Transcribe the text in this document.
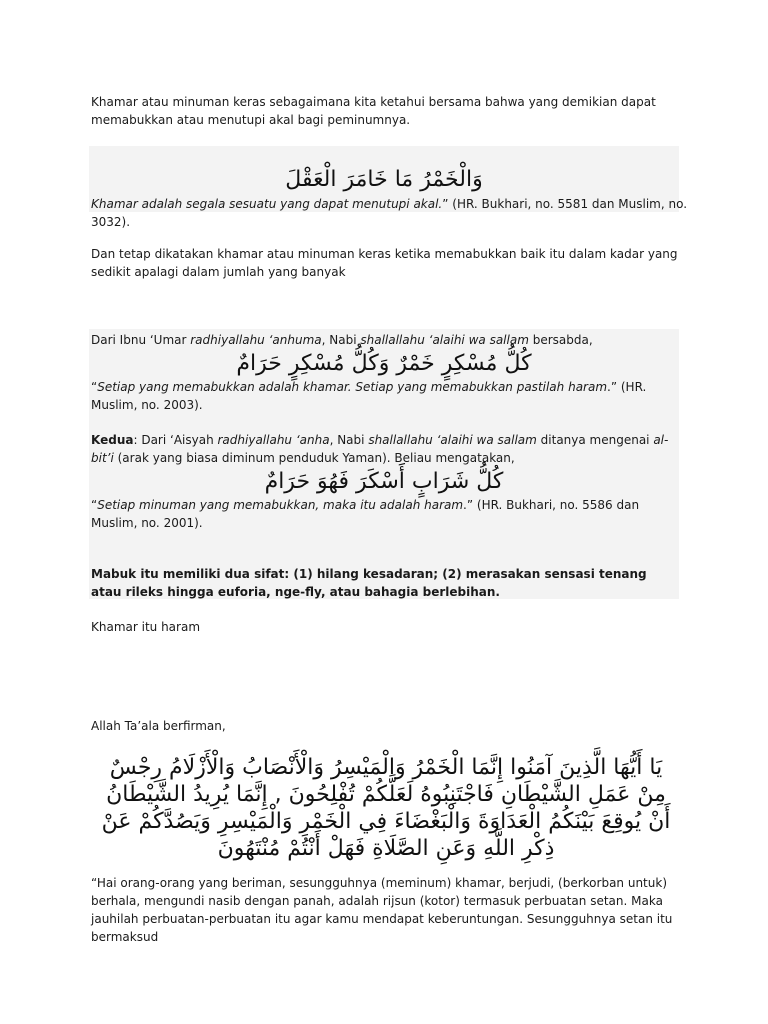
Khamar atau minuman keras sebagaimana kita ketahui bersama bahwa yang demikian dapat memabukkan atau menutupi akal bagi peminumnya.

وَالْخَمْرُ مَا خَامَرَ الْعَقْلَ

Khamar adalah segala sesuatu yang dapat menutupi akal.” (HR. Bukhari, no. 5581 dan Muslim, no. 3032).

Dan tetap dikatakan khamar atau minuman keras ketika memabukkan baik itu dalam kadar yang sedikit apalagi dalam jumlah yang banyak

Dari Ibnu ‘Umar radhiyallahu ‘anhuma, Nabi shallallahu ‘alaihi wa sallam bersabda,

كُلُّ مُسْكِرٍ خَمْرٌ وَكُلُّ مُسْكِرٍ حَرَامٌ

“Setiap yang memabukkan adalah khamar. Setiap yang memabukkan pastilah haram.” (HR. Muslim, no. 2003).

Kedua: Dari ‘Aisyah radhiyallahu ‘anha, Nabi shallallahu ‘alaihi wa sallam ditanya mengenai al-bit’i (arak yang biasa diminum penduduk Yaman). Beliau mengatakan,

كُلُّ شَرَابٍ أَسْكَرَ فَهُوَ حَرَامٌ

“Setiap minuman yang memabukkan, maka itu adalah haram.” (HR. Bukhari, no. 5586 dan Muslim, no. 2001).

Mabuk itu memiliki dua sifat: (1) hilang kesadaran; (2) merasakan sensasi tenang atau rileks hingga euforia, nge-fly, atau bahagia berlebihan.

Khamar itu haram

Allah Ta’ala berfirman,

يَا أَيُّهَا الَّذِينَ آمَنُوا إِنَّمَا الْخَمْرُ وَالْمَيْسِرُ وَالْأَنْصَابُ وَالْأَزْلَامُ رِجْسٌ مِنْ عَمَلِ الشَّيْطَانِ فَاجْتَنِبُوهُ لَعَلَّكُمْ تُفْلِحُونَ , إِنَّمَا يُرِيدُ الشَّيْطَانُ أَنْ يُوقِعَ بَيْنَكُمُ الْعَدَاوَةَ وَالْبَغْضَاءَ فِي الْخَمْرِ وَالْمَيْسِرِ وَيَصُدَّكُمْ عَنْ ذِكْرِ اللَّهِ وَعَنِ الصَّلَاةِ فَهَلْ أَنْتُمْ مُنْتَهُونَ

“Hai orang-orang yang beriman, sesungguhnya (meminum) khamar, berjudi, (berkorban untuk) berhala, mengundi nasib dengan panah, adalah rijsun (kotor) termasuk perbuatan setan. Maka jauhilah perbuatan-perbuatan itu agar kamu mendapat keberuntungan. Sesungguhnya setan itu bermaksud
